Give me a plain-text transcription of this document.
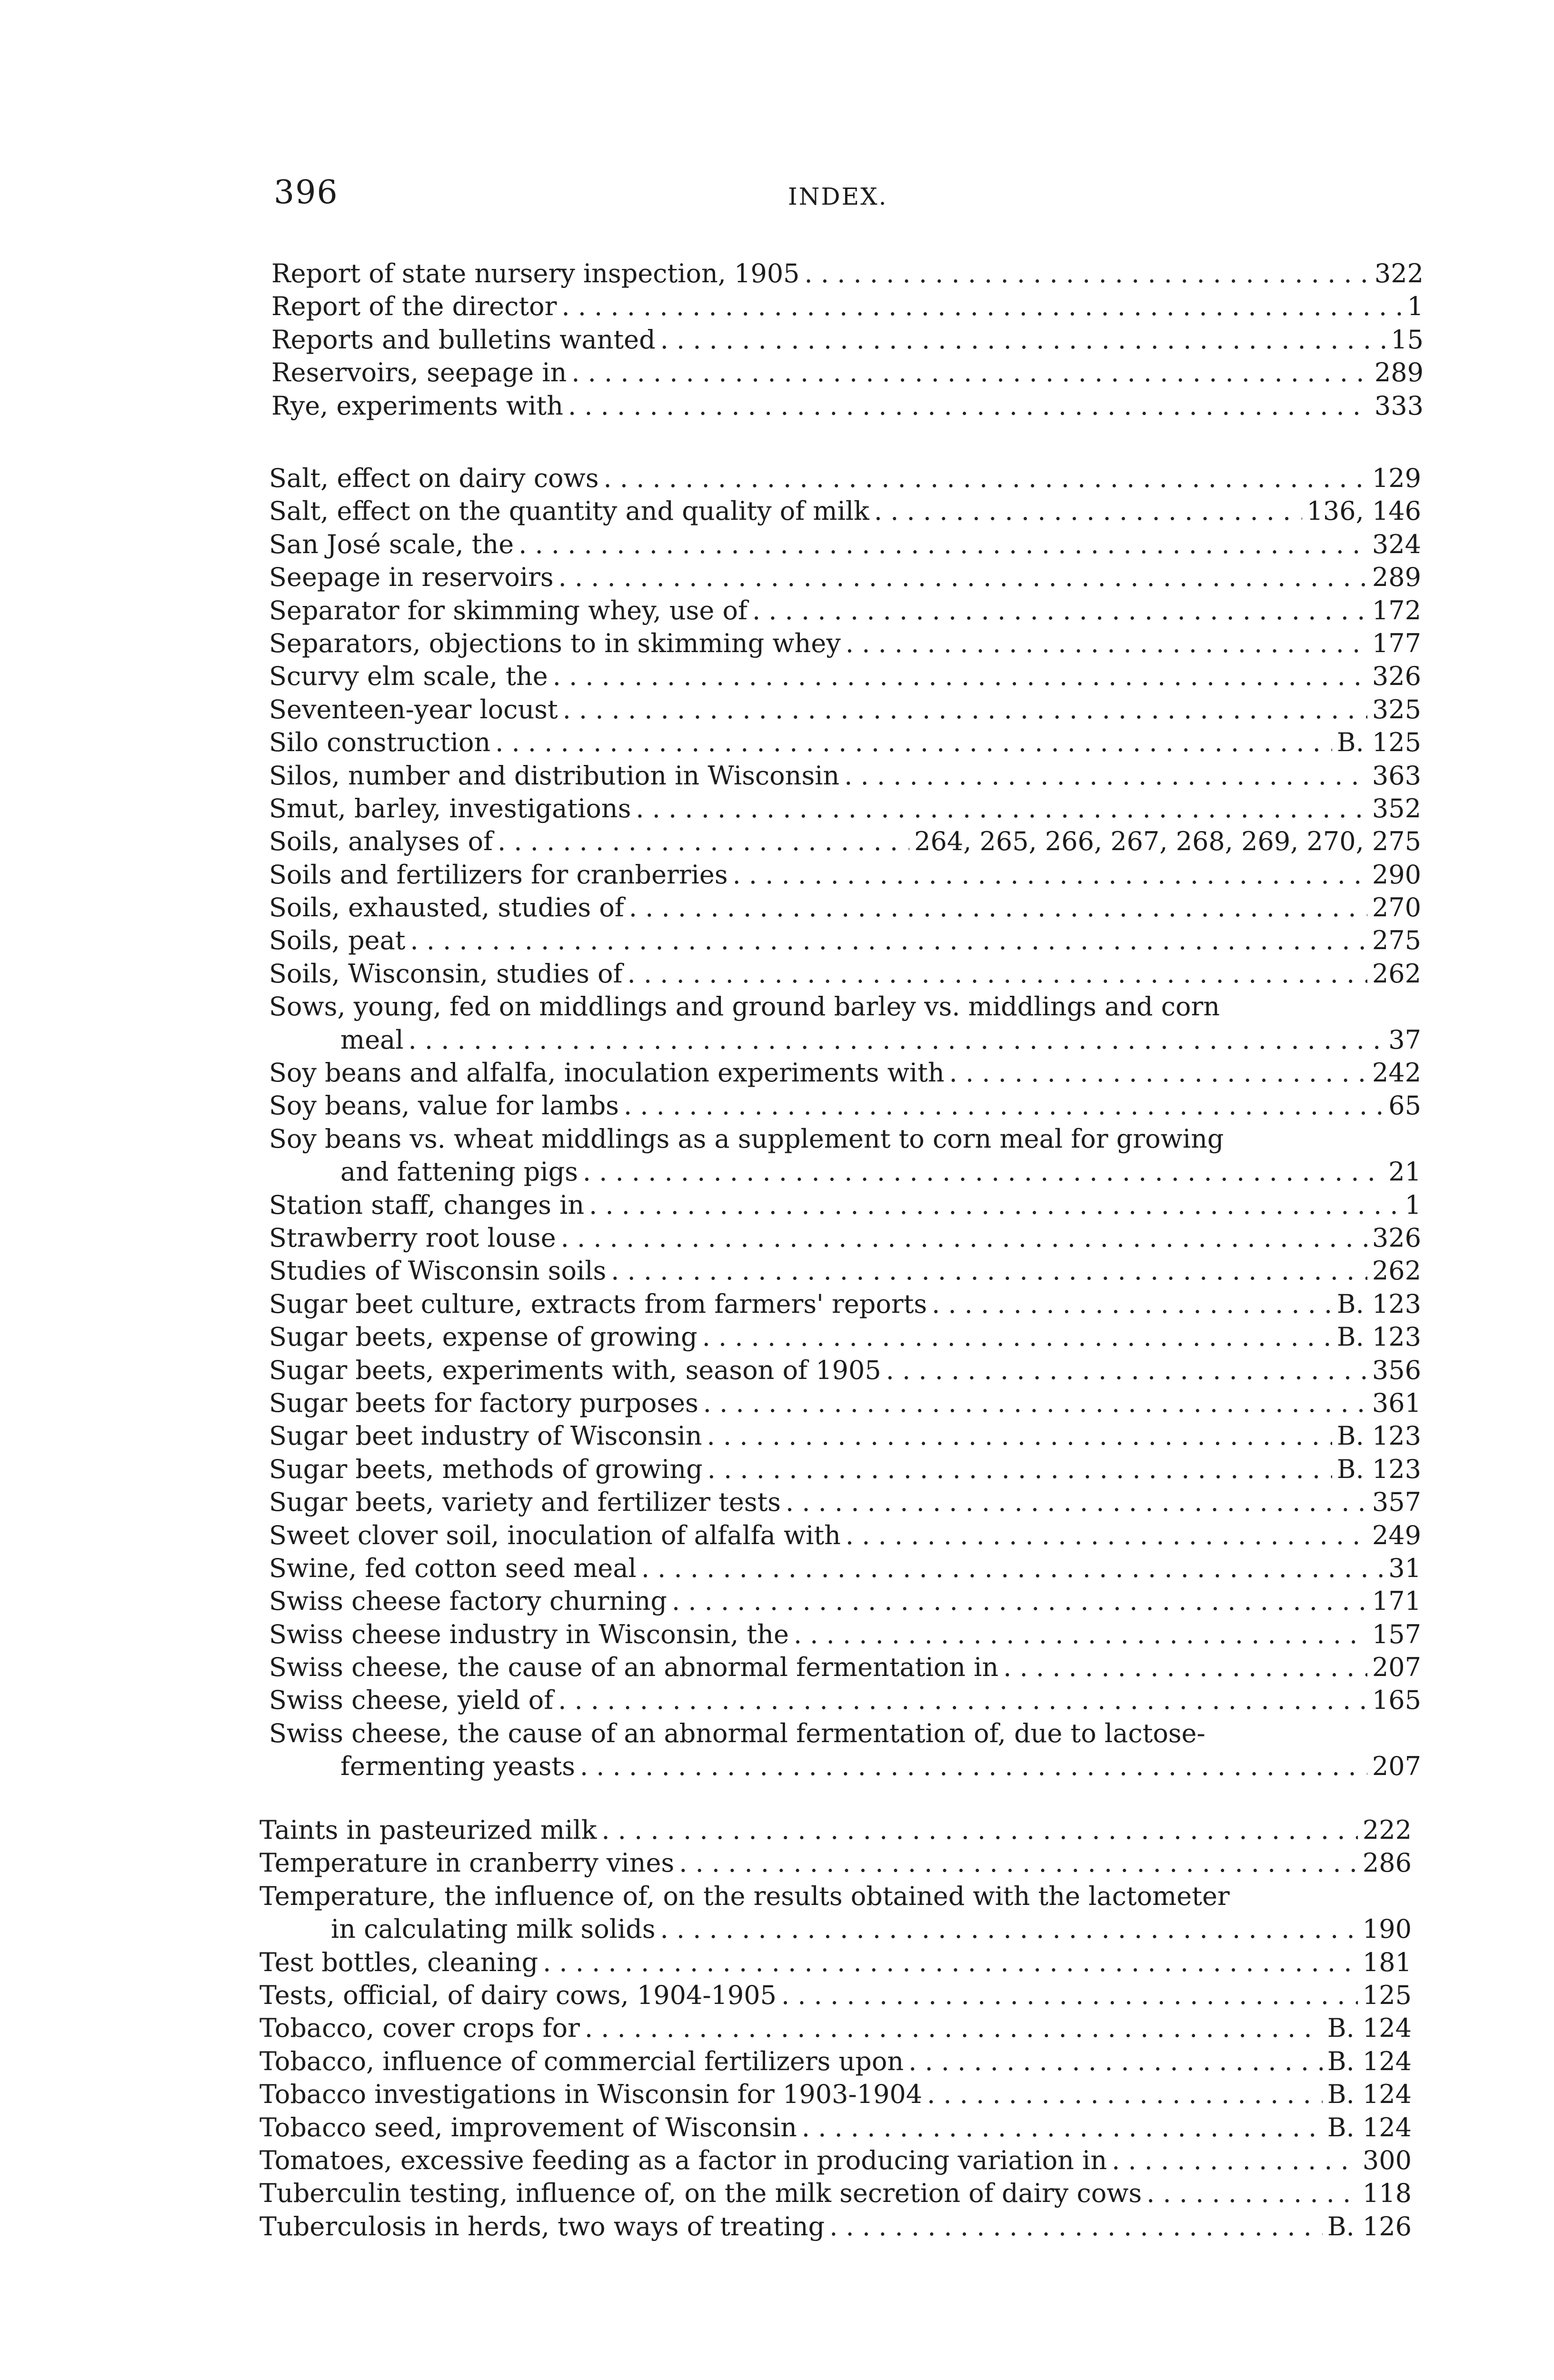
396	INDEX.
Report of state nursery inspection, 1905 . . .	322
Report of the director . . .	1
Reports and bulletins wanted . . .	15
Reservoirs, seepage in . . .	289
Rye, experiments with . . .	333
Salt, effect on dairy cows . . .	129
Salt, effect on the quantity and quality of milk . . .	136, 146
San José scale, the . . .	324
Seepage in reservoirs . . .	289
Separator for skimming whey, use of . . .	172
Separators, objections to in skimming whey . . .	177
Scurvy elm scale, the . . .	326
Seventeen-year locust . . .	325
Silo construction . . .	B. 125
Silos, number and distribution in Wisconsin . . .	363
Smut, barley, investigations . . .	352
Soils, analyses of . . .	264, 265, 266, 267, 268, 269, 270, 275
Soils and fertilizers for cranberries . . .	290
Soils, exhausted, studies of . . .	270
Soils, peat . . .	275
Soils, Wisconsin, studies of . . .	262
Sows, young, fed on middlings and ground barley vs. middlings and corn
meal . . .	37
Soy beans and alfalfa, inoculation experiments with . . .	242
Soy beans, value for lambs . . .	65
Soy beans vs. wheat middlings as a supplement to corn meal for growing
and fattening pigs . . .	21
Station staff, changes in . . .	1
Strawberry root louse . . .	326
Studies of Wisconsin soils . . .	262
Sugar beet culture, extracts from farmers' reports . . .	B. 123
Sugar beets, expense of growing . . .	B. 123
Sugar beets, experiments with, season of 1905 . . .	356
Sugar beets for factory purposes . . .	361
Sugar beet industry of Wisconsin . . .	B. 123
Sugar beets, methods of growing . . .	B. 123
Sugar beets, variety and fertilizer tests . . .	357
Sweet clover soil, inoculation of alfalfa with . . .	249
Swine, fed cotton seed meal . . .	31
Swiss cheese factory churning . . .	171
Swiss cheese industry in Wisconsin, the . . .	157
Swiss cheese, the cause of an abnormal fermentation in . . .	207
Swiss cheese, yield of . . .	165
Swiss cheese, the cause of an abnormal fermentation of, due to lactose-
fermenting yeasts . . .	207
Taints in pasteurized milk . . .	222
Temperature in cranberry vines . . .	286
Temperature, the influence of, on the results obtained with the lactometer
in calculating milk solids . . .	190
Test bottles, cleaning . . .	181
Tests, official, of dairy cows, 1904-1905 . . .	125
Tobacco, cover crops for . . .	B. 124
Tobacco, influence of commercial fertilizers upon . . .	B. 124
Tobacco investigations in Wisconsin for 1903-1904 . . .	B. 124
Tobacco seed, improvement of Wisconsin . . .	B. 124
Tomatoes, excessive feeding as a factor in producing variation in . . .	300
Tuberculin testing, influence of, on the milk secretion of dairy cows . . .	118
Tuberculosis in herds, two ways of treating . . .	B. 126
